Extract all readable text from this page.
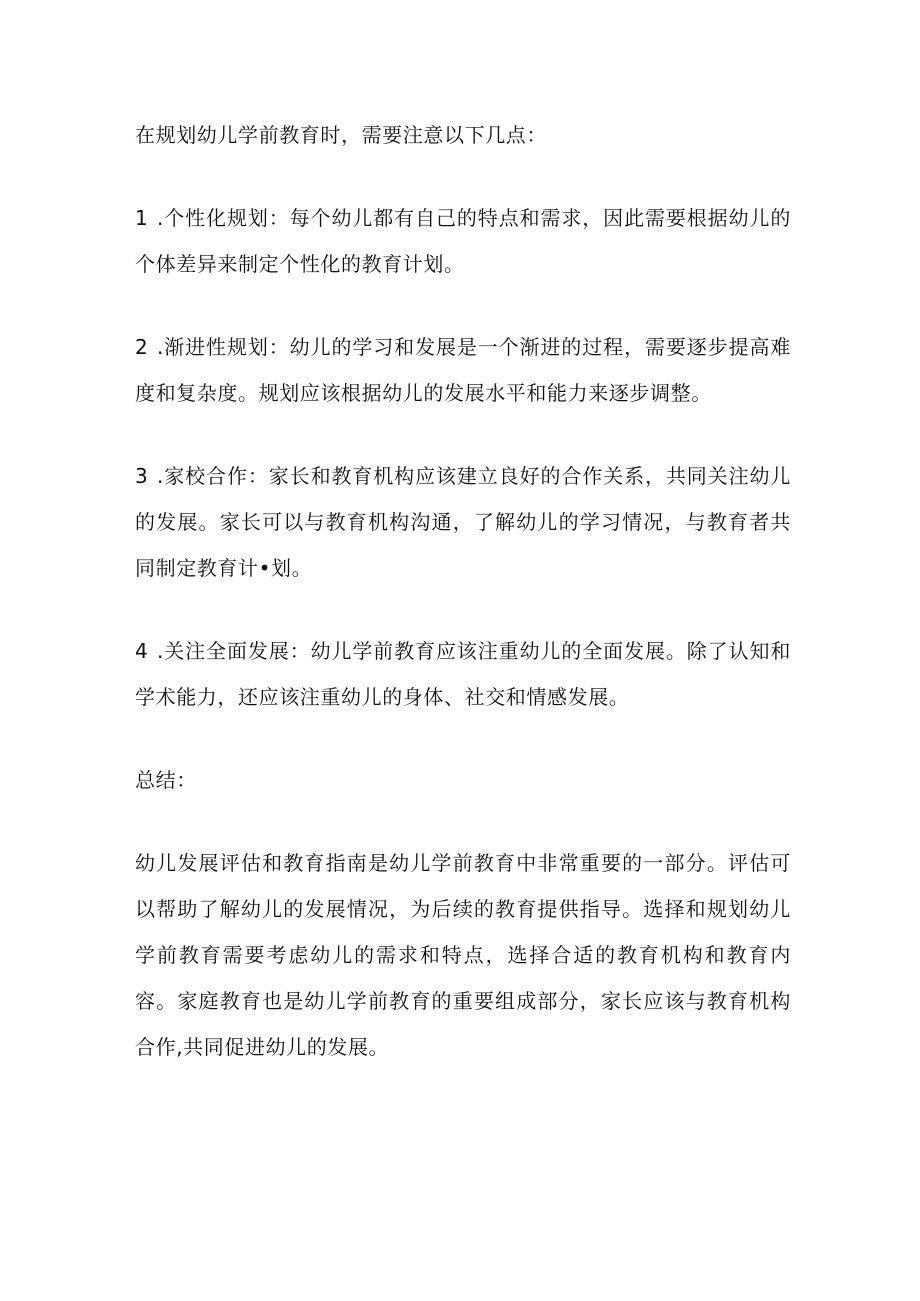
在规划幼儿学前教育时，需要注意以下几点：

1 .个性化规划：每个幼儿都有自己的特点和需求，因此需要根据幼儿的个体差异来制定个性化的教育计划。

2 .渐进性规划：幼儿的学习和发展是一个渐进的过程，需要逐步提高难度和复杂度。规划应该根据幼儿的发展水平和能力来逐步调整。

3 .家校合作：家长和教育机构应该建立良好的合作关系，共同关注幼儿的发展。家长可以与教育机构沟通，了解幼儿的学习情况，与教育者共同制定教育计•划。

4 .关注全面发展：幼儿学前教育应该注重幼儿的全面发展。除了认知和学术能力，还应该注重幼儿的身体、社交和情感发展。

总结：

幼儿发展评估和教育指南是幼儿学前教育中非常重要的一部分。评估可以帮助了解幼儿的发展情况，为后续的教育提供指导。选择和规划幼儿学前教育需要考虑幼儿的需求和特点，选择合适的教育机构和教育内容。家庭教育也是幼儿学前教育的重要组成部分，家长应该与教育机构合作,共同促进幼儿的发展。
